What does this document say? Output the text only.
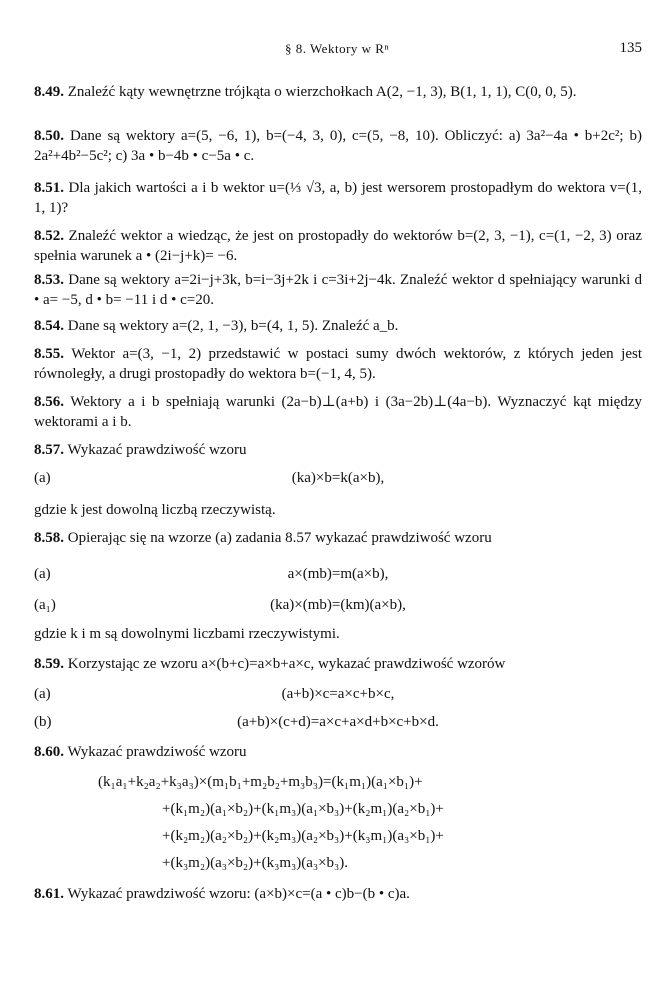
§ 8. Wektory w Rⁿ	135
8.49. Znaleźć kąty wewnętrzne trójkąta o wierzchołkach A(2, −1, 3), B(1, 1, 1), C(0, 0, 5).
8.50. Dane są wektory a=(5, −6, 1), b=(−4, 3, 0), c=(5, −8, 10). Obliczyć: a) 3a²−4a • b+2c²; b) 2a²+4b²−5c²; c) 3a • b−4b • c−5a • c.
8.51. Dla jakich wartości a i b wektor u=(⅓ √3, a, b) jest wersorem prostopadłym do wektora v=(1, 1, 1)?
8.52. Znaleźć wektor a wiedząc, że jest on prostopadły do wektorów b=(2, 3, −1), c=(1, −2, 3) oraz spełnia warunek a • (2i−j+k)= −6.
8.53. Dane są wektory a=2i−j+3k, b=i−3j+2k i c=3i+2j−4k. Znaleźć wektor d spełniający warunki d • a= −5, d • b= −11 i d • c=20.
8.54. Dane są wektory a=(2, 1, −3), b=(4, 1, 5). Znaleźć a_b.
8.55. Wektor a=(3, −1, 2) przedstawić w postaci sumy dwóch wektorów, z których jeden jest równoległy, a drugi prostopadły do wektora b=(−1, 4, 5).
8.56. Wektory a i b spełniają warunki (2a−b)⊥(a+b) i (3a−2b)⊥(4a−b). Wyznaczyć kąt między wektorami a i b.
8.57. Wykazać prawdziwość wzoru
(a)	(ka)×b=k(a×b),
gdzie k jest dowolną liczbą rzeczywistą.
8.58. Opierając się na wzorze (a) zadania 8.57 wykazać prawdziwość wzoru
(a)	a×(mb)=m(a×b),
(a₁)	(ka)×(mb)=(km)(a×b),
gdzie k i m są dowolnymi liczbami rzeczywistymi.
8.59. Korzystając ze wzoru a×(b+c)=a×b+a×c, wykazać prawdziwość wzorów
(a)	(a+b)×c=a×c+b×c,
(b)	(a+b)×(c+d)=a×c+a×d+b×c+b×d.
8.60. Wykazać prawdziwość wzoru
(k₁a₁+k₂a₂+k₃a₃)×(m₁b₁+m₂b₂+m₃b₃)=(k₁m₁)(a₁×b₁)+
+(k₁m₂)(a₁×b₂)+(k₁m₃)(a₁×b₃)+(k₂m₁)(a₂×b₁)+
+(k₂m₂)(a₂×b₂)+(k₂m₃)(a₂×b₃)+(k₃m₁)(a₃×b₁)+
+(k₃m₂)(a₃×b₂)+(k₃m₃)(a₃×b₃).
8.61. Wykazać prawdziwość wzoru: (a×b)×c=(a • c)b−(b • c)a.
